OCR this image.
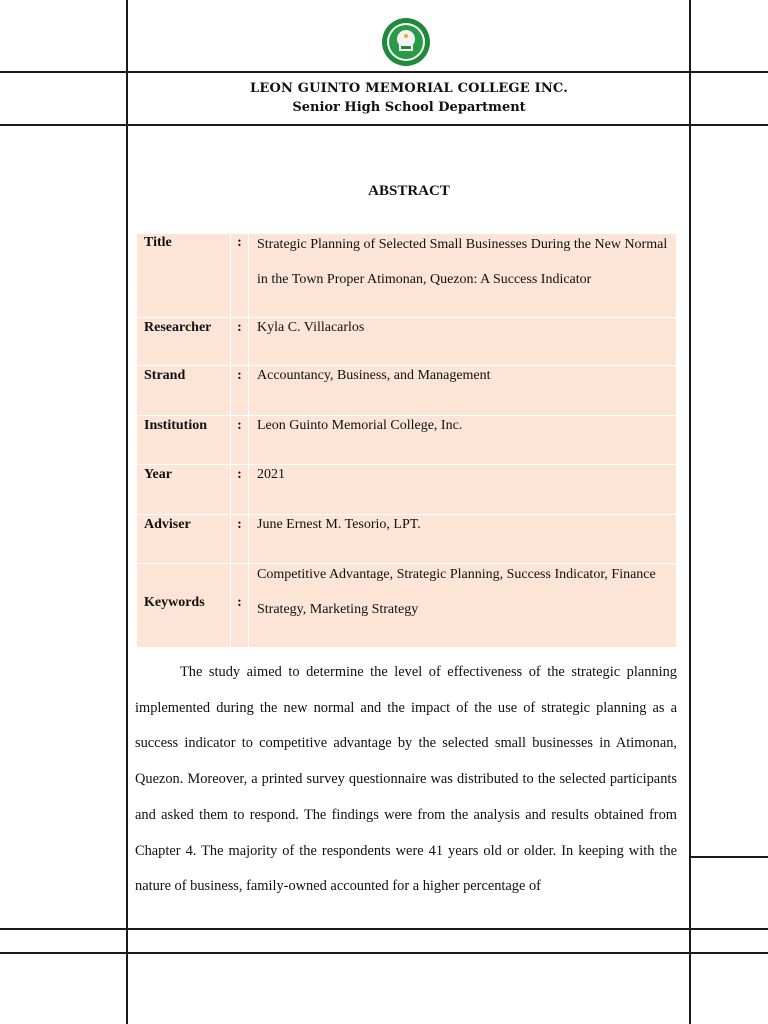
LEON GUINTO MEMORIAL COLLEGE INC.
Senior High School Department
ABSTRACT
Title	:	Strategic Planning of Selected Small Businesses During the New Normal in the Town Proper Atimonan, Quezon: A Success Indicator

Researcher	:	Kyla C. Villacarlos

Strand	:	Accountancy, Business, and Management

Institution	:	Leon Guinto Memorial College, Inc.

Year	:	2021

Adviser	:	June Ernest M. Tesorio, LPT.

Keywords	:	Competitive Advantage, Strategic Planning, Success Indicator, Finance Strategy, Marketing Strategy

The study aimed to determine the level of effectiveness of the strategic planning implemented during the new normal and the impact of the use of strategic planning as a success indicator to competitive advantage by the selected small businesses in Atimonan, Quezon. Moreover, a printed survey questionnaire was distributed to the selected participants and asked them to respond. The findings were from the analysis and results obtained from Chapter 4. The majority of the respondents were 41 years old or older. In keeping with the nature of business, family-owned accounted for a higher percentage of
